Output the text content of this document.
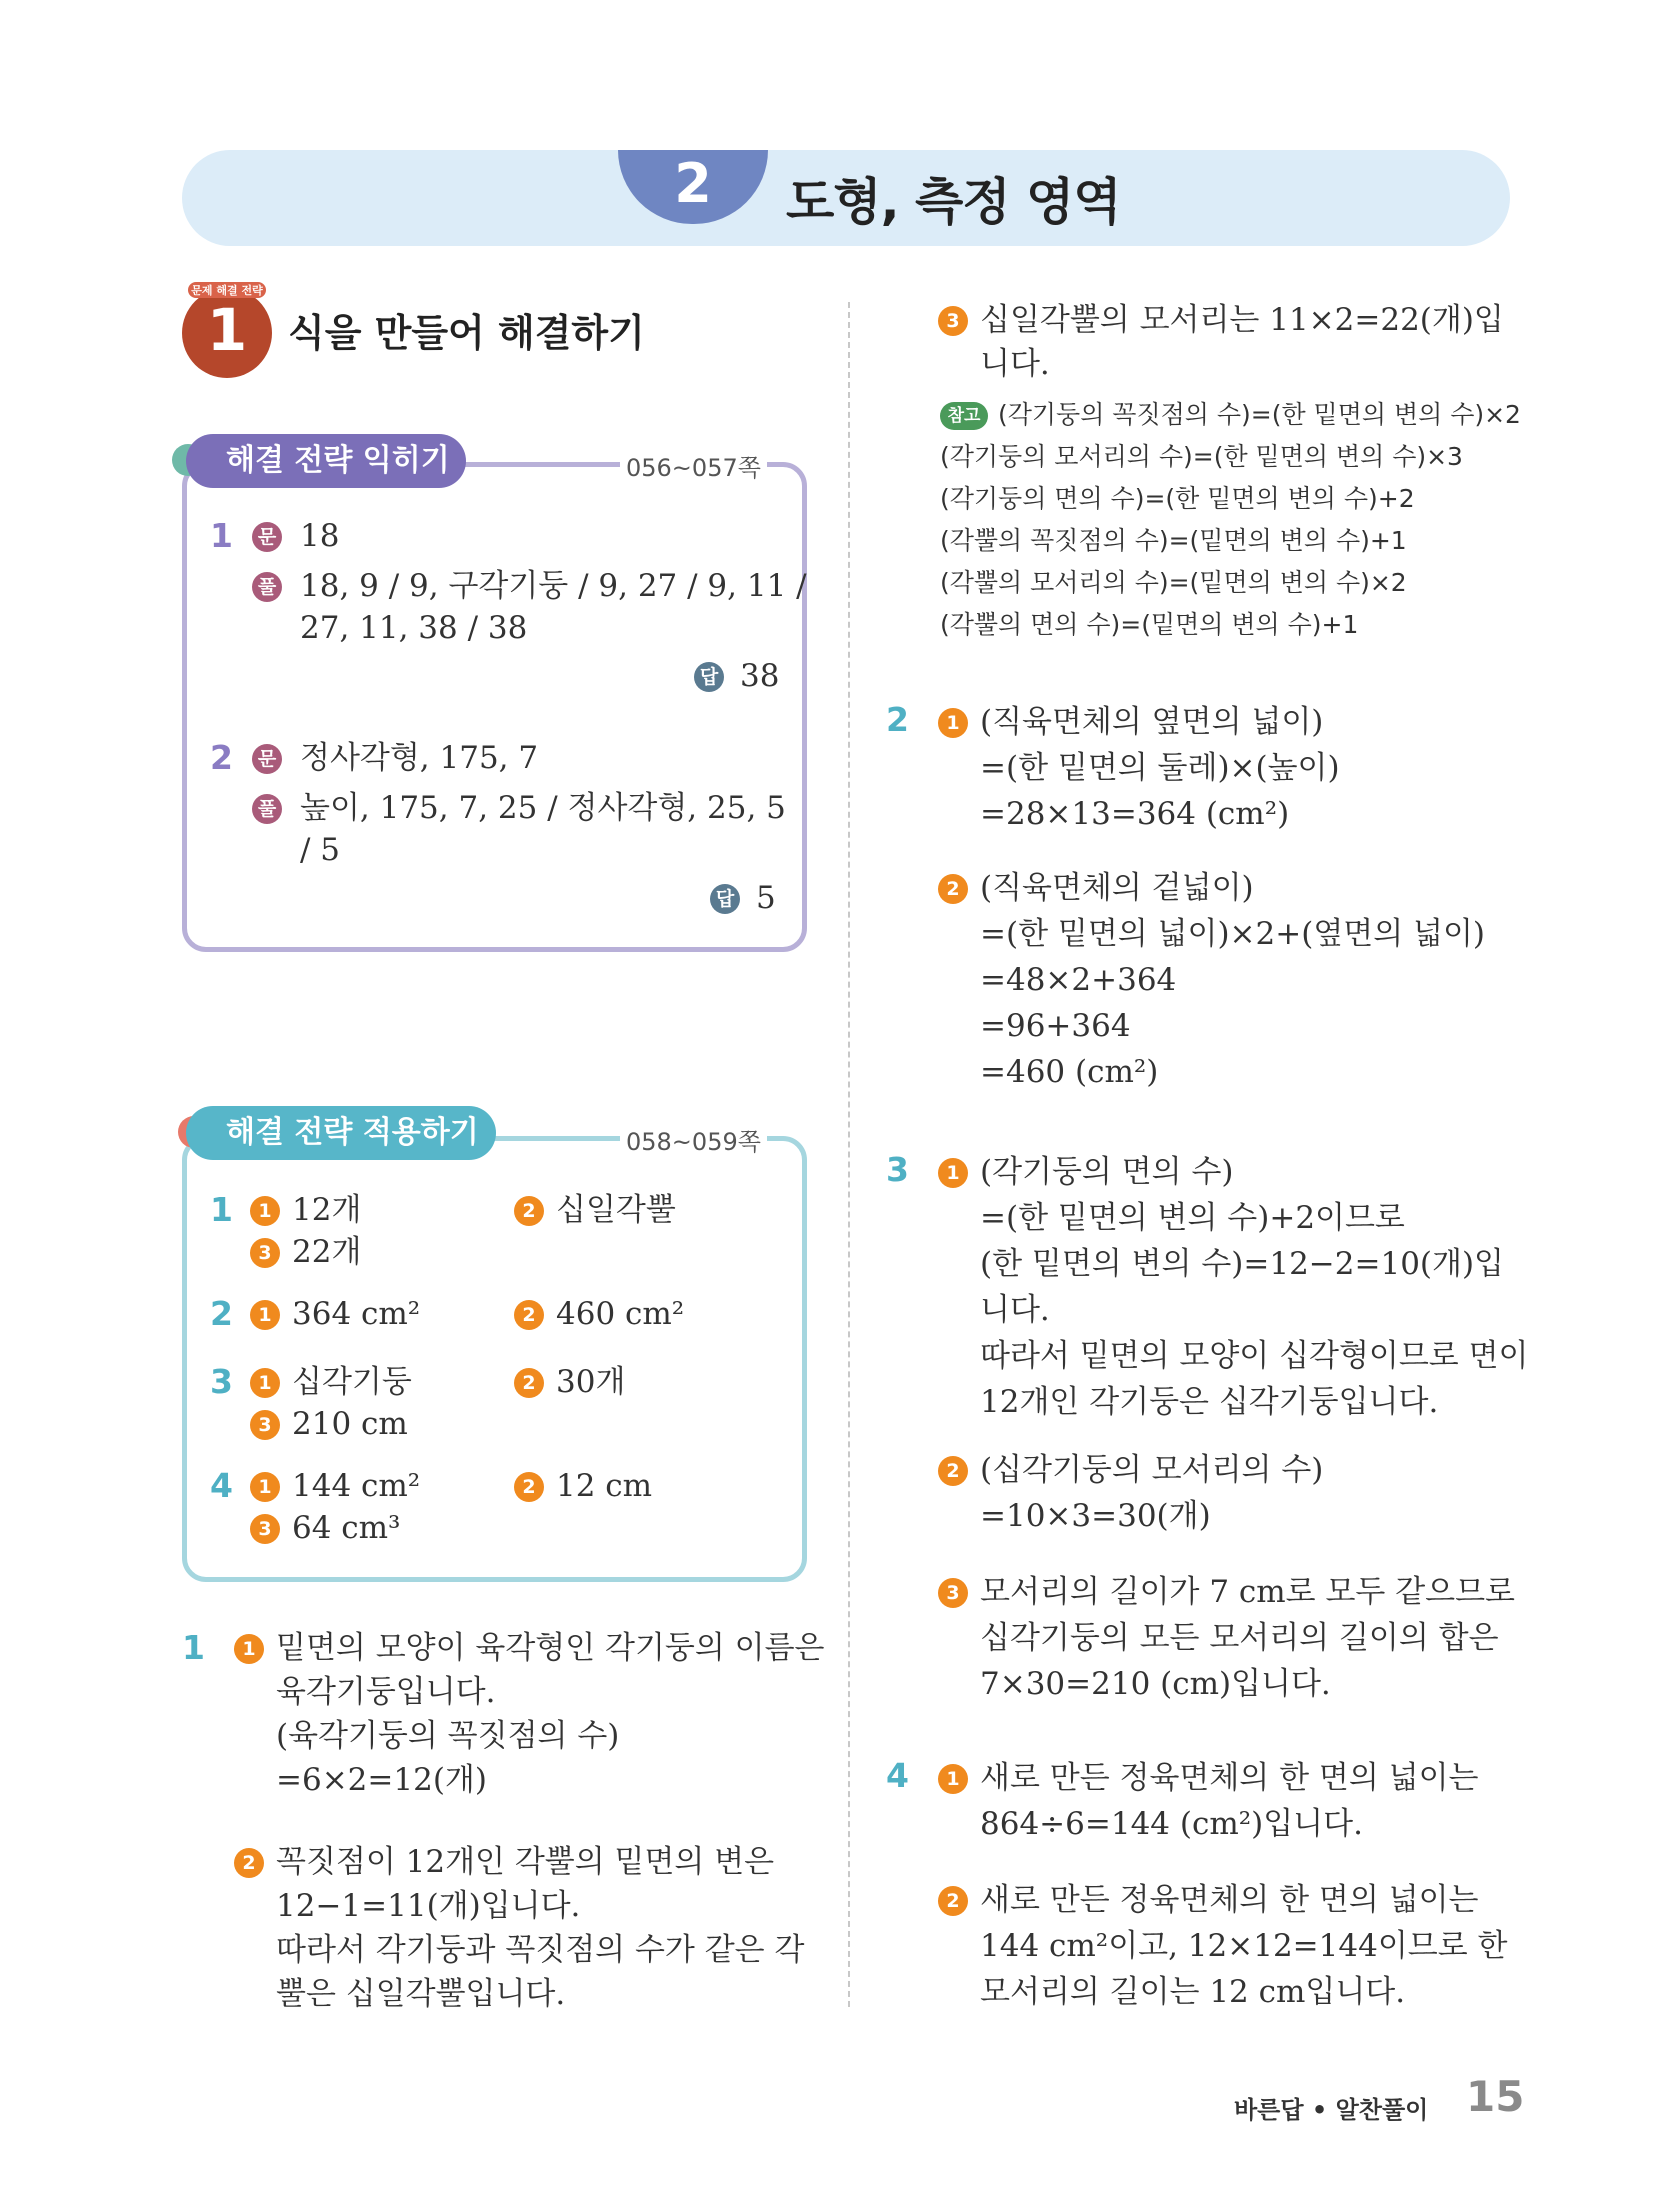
2	도형, 측정 영역
문제 해결 전략
1	식을 만들어 해결하기
해결 전략 익히기	056~057쪽
1	문 18
풀 18, 9 / 9, 구각기둥 / 9, 27 / 9, 11 /
27, 11, 38 / 38
답 38
2	문 정사각형, 175, 7
풀 높이, 175, 7, 25 / 정사각형, 25, 5
/ 5
답 5
해결 전략 적용하기	058~059쪽
1	1 12개	2 십일각뿔
3 22개
2	1 364 cm²	2 460 cm²
3	1 십각기둥	2 30개
3 210 cm
4	1 144 cm²	2 12 cm
3 64 cm³
1	1 밑면의 모양이 육각형인 각기둥의 이름은
육각기둥입니다.
(육각기둥의 꼭짓점의 수)
=6×2=12(개)
2 꼭짓점이 12개인 각뿔의 밑면의 변은
12−1=11(개)입니다.
따라서 각기둥과 꼭짓점의 수가 같은 각
뿔은 십일각뿔입니다.
3 십일각뿔의 모서리는 11×2=22(개)입
니다.
참고 (각기둥의 꼭짓점의 수)=(한 밑면의 변의 수)×2
(각기둥의 모서리의 수)=(한 밑면의 변의 수)×3
(각기둥의 면의 수)=(한 밑면의 변의 수)+2
(각뿔의 꼭짓점의 수)=(밑면의 변의 수)+1
(각뿔의 모서리의 수)=(밑면의 변의 수)×2
(각뿔의 면의 수)=(밑면의 변의 수)+1
2	1 (직육면체의 옆면의 넓이)
=(한 밑면의 둘레)×(높이)
=28×13=364 (cm²)
2 (직육면체의 겉넓이)
=(한 밑면의 넓이)×2+(옆면의 넓이)
=48×2+364
=96+364
=460 (cm²)
3	1 (각기둥의 면의 수)
=(한 밑면의 변의 수)+2이므로
(한 밑면의 변의 수)=12−2=10(개)입
니다.
따라서 밑면의 모양이 십각형이므로 면이
12개인 각기둥은 십각기둥입니다.
2 (십각기둥의 모서리의 수)
=10×3=30(개)
3 모서리의 길이가 7 cm로 모두 같으므로
십각기둥의 모든 모서리의 길이의 합은
7×30=210 (cm)입니다.
4	1 새로 만든 정육면체의 한 면의 넓이는
864÷6=144 (cm²)입니다.
2 새로 만든 정육면체의 한 면의 넓이는
144 cm²이고, 12×12=144이므로 한
모서리의 길이는 12 cm입니다.
바른답 • 알찬풀이 15
